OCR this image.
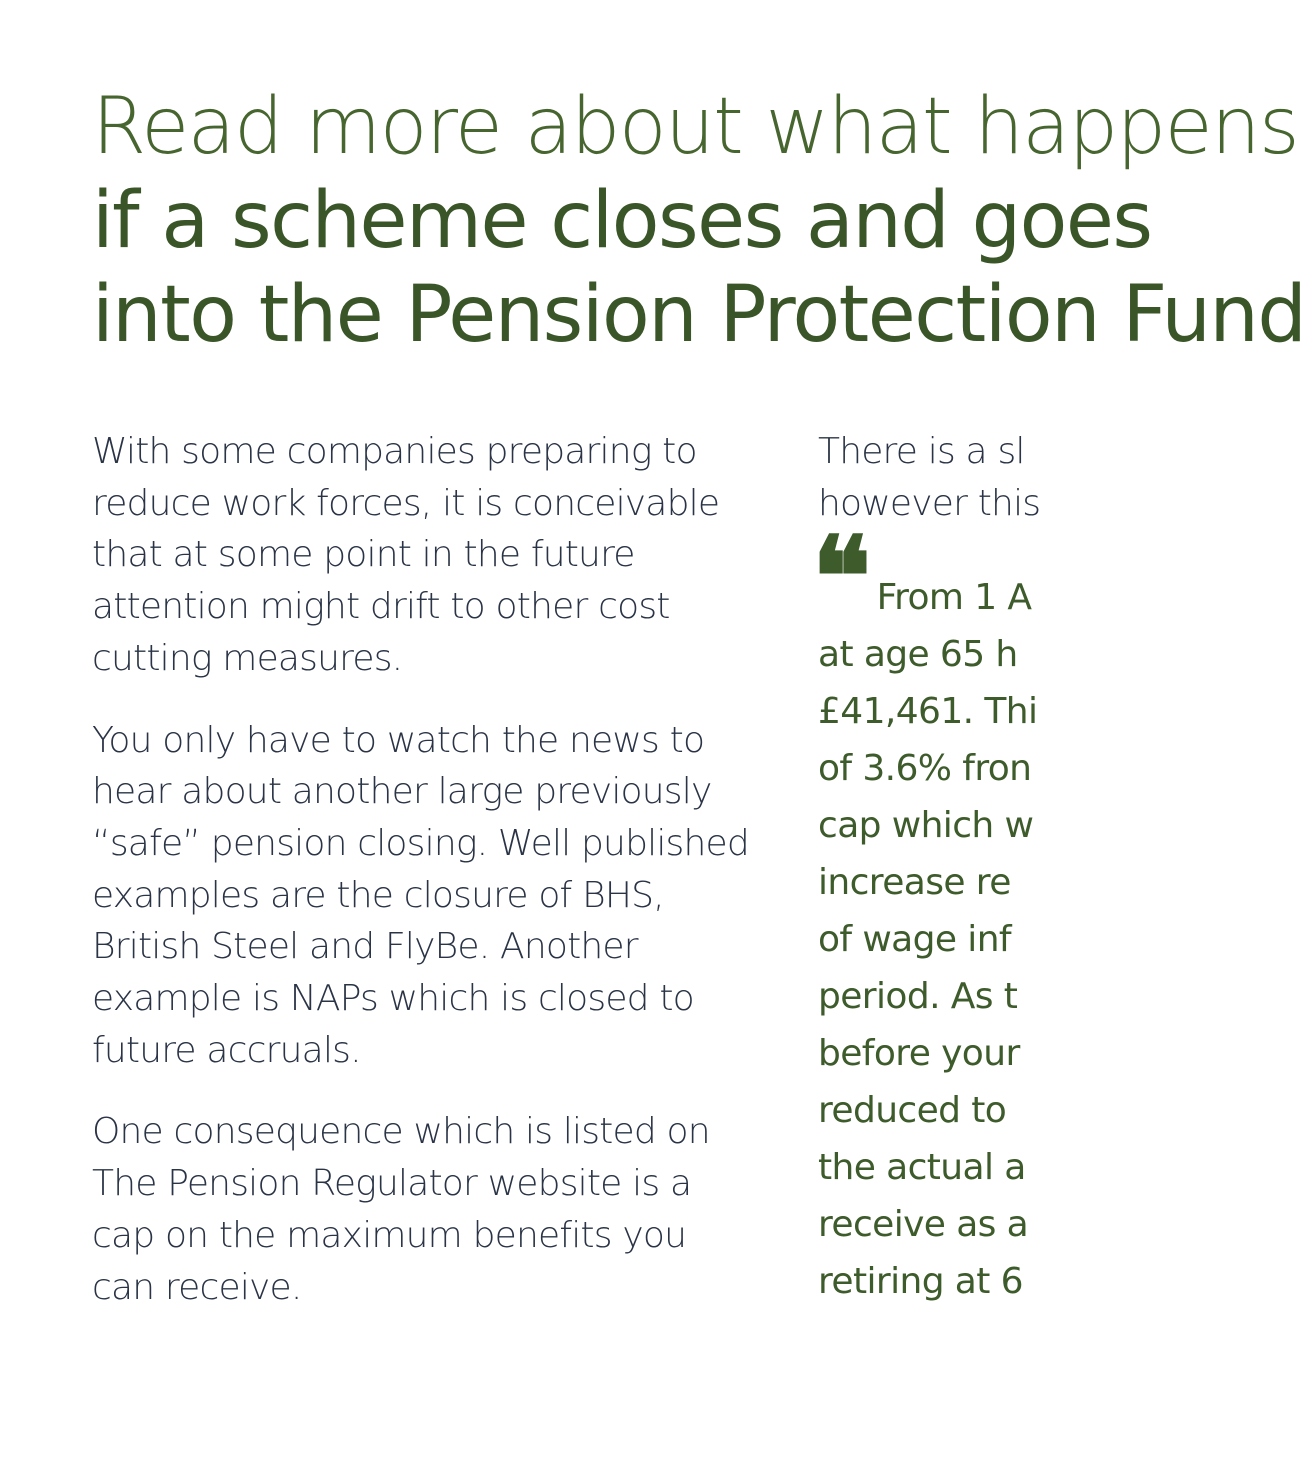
Read more about what happens
if a scheme closes and goes
into the Pension Protection Fund

With some companies preparing to
reduce work forces, it is conceivable
that at some point in the future
attention might drift to other cost
cutting measures.

You only have to watch the news to
hear about another large previously
“safe” pension closing. Well published
examples are the closure of BHS,
British Steel and FlyBe. Another
example is NAPs which is closed to
future accruals.

One consequence which is listed on
The Pension Regulator website is a
cap on the maximum benefits you
can receive.

There is a sl
however this

❝ From 1 A
at age 65 h
£41,461. Thi
of 3.6% fron
cap which w
increase re
of wage inf
period. As t
before your
reduced to
the actual a
receive as a
retiring at 6
